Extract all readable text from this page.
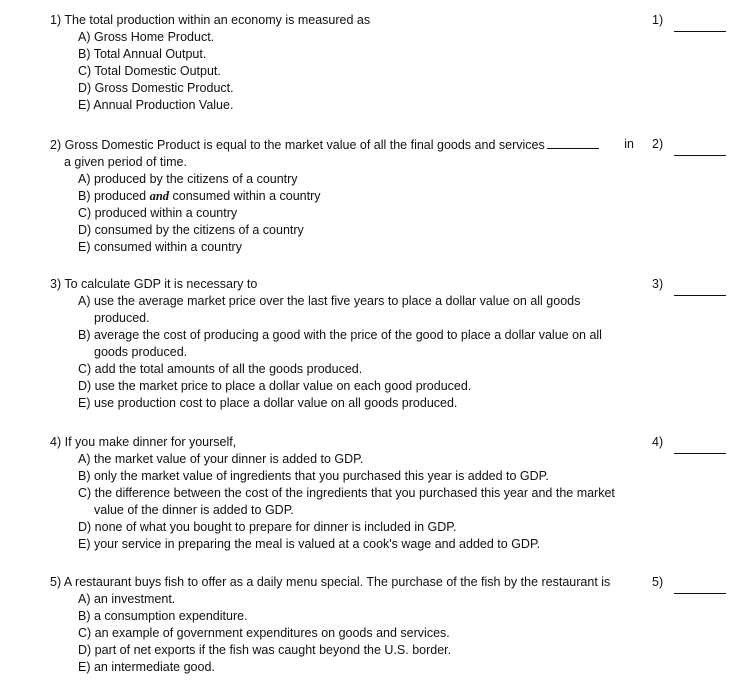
1) The total production within an economy is measured as
A) Gross Home Product.
B) Total Annual Output.
C) Total Domestic Output.
D) Gross Domestic Product.
E) Annual Production Value.
1)
2) Gross Domestic Product is equal to the market value of all the final goods and services	in
a given period of time.
A) produced by the citizens of a country
B) produced and consumed within a country
C) produced within a country
D) consumed by the citizens of a country
E) consumed within a country
2)
3) To calculate GDP it is necessary to
A) use the average market price over the last five years to place a dollar value on all goods
produced.
B) average the cost of producing a good with the price of the good to place a dollar value on all
goods produced.
C) add the total amounts of all the goods produced.
D) use the market price to place a dollar value on each good produced.
E) use production cost to place a dollar value on all goods produced.
3)
4) If you make dinner for yourself,
A) the market value of your dinner is added to GDP.
B) only the market value of ingredients that you purchased this year is added to GDP.
C) the difference between the cost of the ingredients that you purchased this year and the market
value of the dinner is added to GDP.
D) none of what you bought to prepare for dinner is included in GDP.
E) your service in preparing the meal is valued at a cook's wage and added to GDP.
4)
5) A restaurant buys fish to offer as a daily menu special. The purchase of the fish by the restaurant is
A) an investment.
B) a consumption expenditure.
C) an example of government expenditures on goods and services.
D) part of net exports if the fish was caught beyond the U.S. border.
E) an intermediate good.
5)
